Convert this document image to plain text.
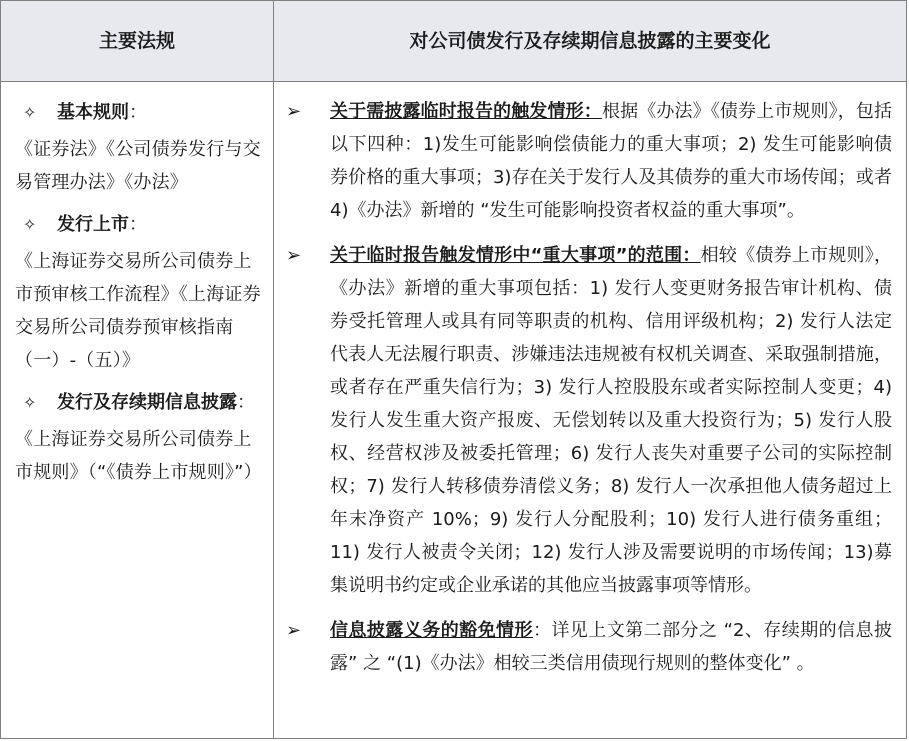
主要法规	对公司债发行及存续期信息披露的主要变化
✧ 基本规则：
《证券法》《公司债券发行与交易管理办法》《办法》
✧ 发行上市：
《上海证券交易所公司债券上市预审核工作流程》《上海证券交易所公司债券预审核指南（一）-（五）》
✧ 发行及存续期信息披露：
《上海证券交易所公司债券上市规则》（“《债券上市规则》”）
➢ 关于需披露临时报告的触发情形：根据《办法》《债券上市规则》，包括以下四种：1)发生可能影响偿债能力的重大事项；2) 发生可能影响债券价格的重大事项；3)存在关于发行人及其债券的重大市场传闻；或者 4)《办法》新增的 “发生可能影响投资者权益的重大事项”。
➢ 关于临时报告触发情形中“重大事项”的范围：相较《债券上市规则》，《办法》新增的重大事项包括：1) 发行人变更财务报告审计机构、债券受托管理人或具有同等职责的机构、信用评级机构；2) 发行人法定代表人无法履行职责、涉嫌违法违规被有权机关调查、采取强制措施，或者存在严重失信行为；3) 发行人控股股东或者实际控制人变更；4) 发行人发生重大资产报废、无偿划转以及重大投资行为；5) 发行人股权、经营权涉及被委托管理；6) 发行人丧失对重要子公司的实际控制权；7) 发行人转移债券清偿义务；8) 发行人一次承担他人债务超过上年末净资产 10%；9) 发行人分配股利；10) 发行人进行债务重组；11) 发行人被责令关闭；12) 发行人涉及需要说明的市场传闻；13)募集说明书约定或企业承诺的其他应当披露事项等情形。
➢ 信息披露义务的豁免情形：详见上文第二部分之 “2、存续期的信息披露” 之 “(1)《办法》相较三类信用债现行规则的整体变化” 。
